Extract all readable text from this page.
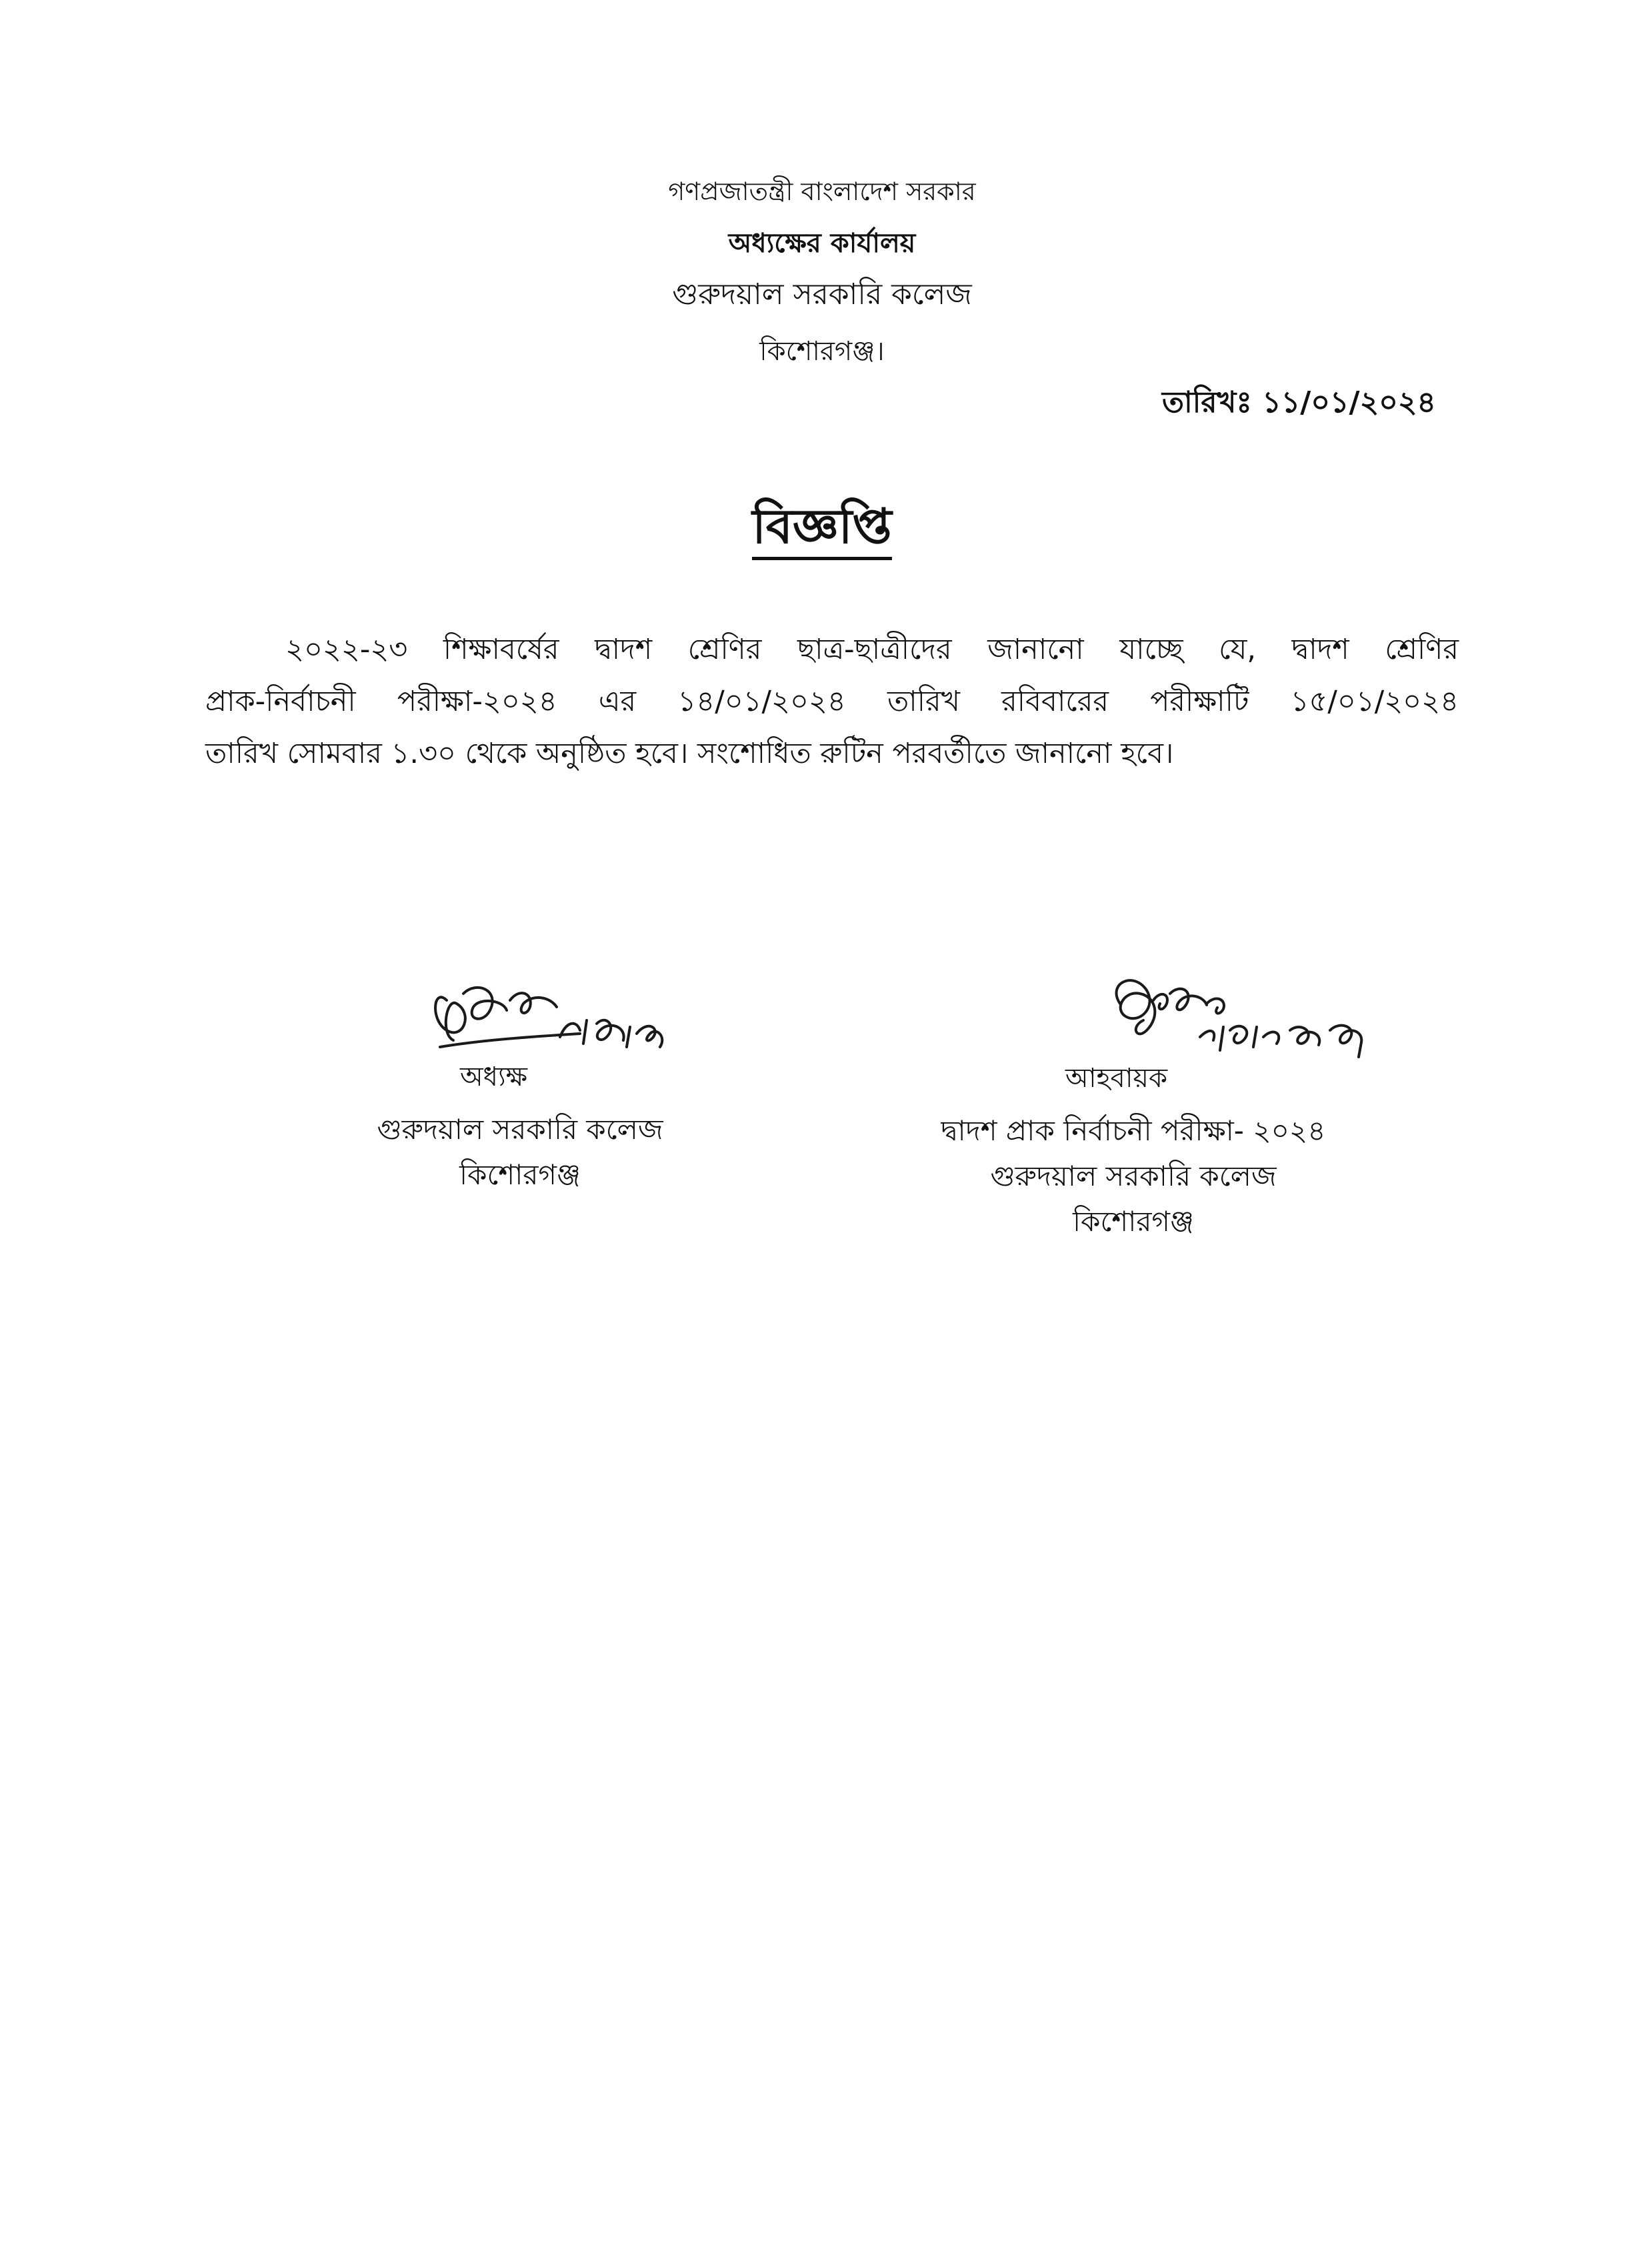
গণপ্রজাতন্ত্রী বাংলাদেশ সরকার
অধ্যক্ষের কার্যালয়
গুরুদয়াল সরকারি কলেজ
কিশোরগঞ্জ।
তারিখঃ ১১/০১/২০২৪
বিজ্ঞপ্তি
২০২২-২৩ শিক্ষাবর্ষের দ্বাদশ শ্রেণির ছাত্র-ছাত্রীদের জানানো যাচ্ছে যে, দ্বাদশ শ্রেণির
প্রাক-নির্বাচনী পরীক্ষা-২০২৪ এর ১৪/০১/২০২৪ তারিখ রবিবারের পরীক্ষাটি ১৫/০১/২০২৪
তারিখ সোমবার ১.৩০ থেকে অনুষ্ঠিত হবে। সংশোধিত রুটিন পরবর্তীতে জানানো হবে।
অধ্যক্ষ
গুরুদয়াল সরকারি কলেজ
কিশোরগঞ্জ
আহবায়ক
দ্বাদশ প্রাক নির্বাচনী পরীক্ষা- ২০২৪
গুরুদয়াল সরকারি কলেজ
কিশোরগঞ্জ
